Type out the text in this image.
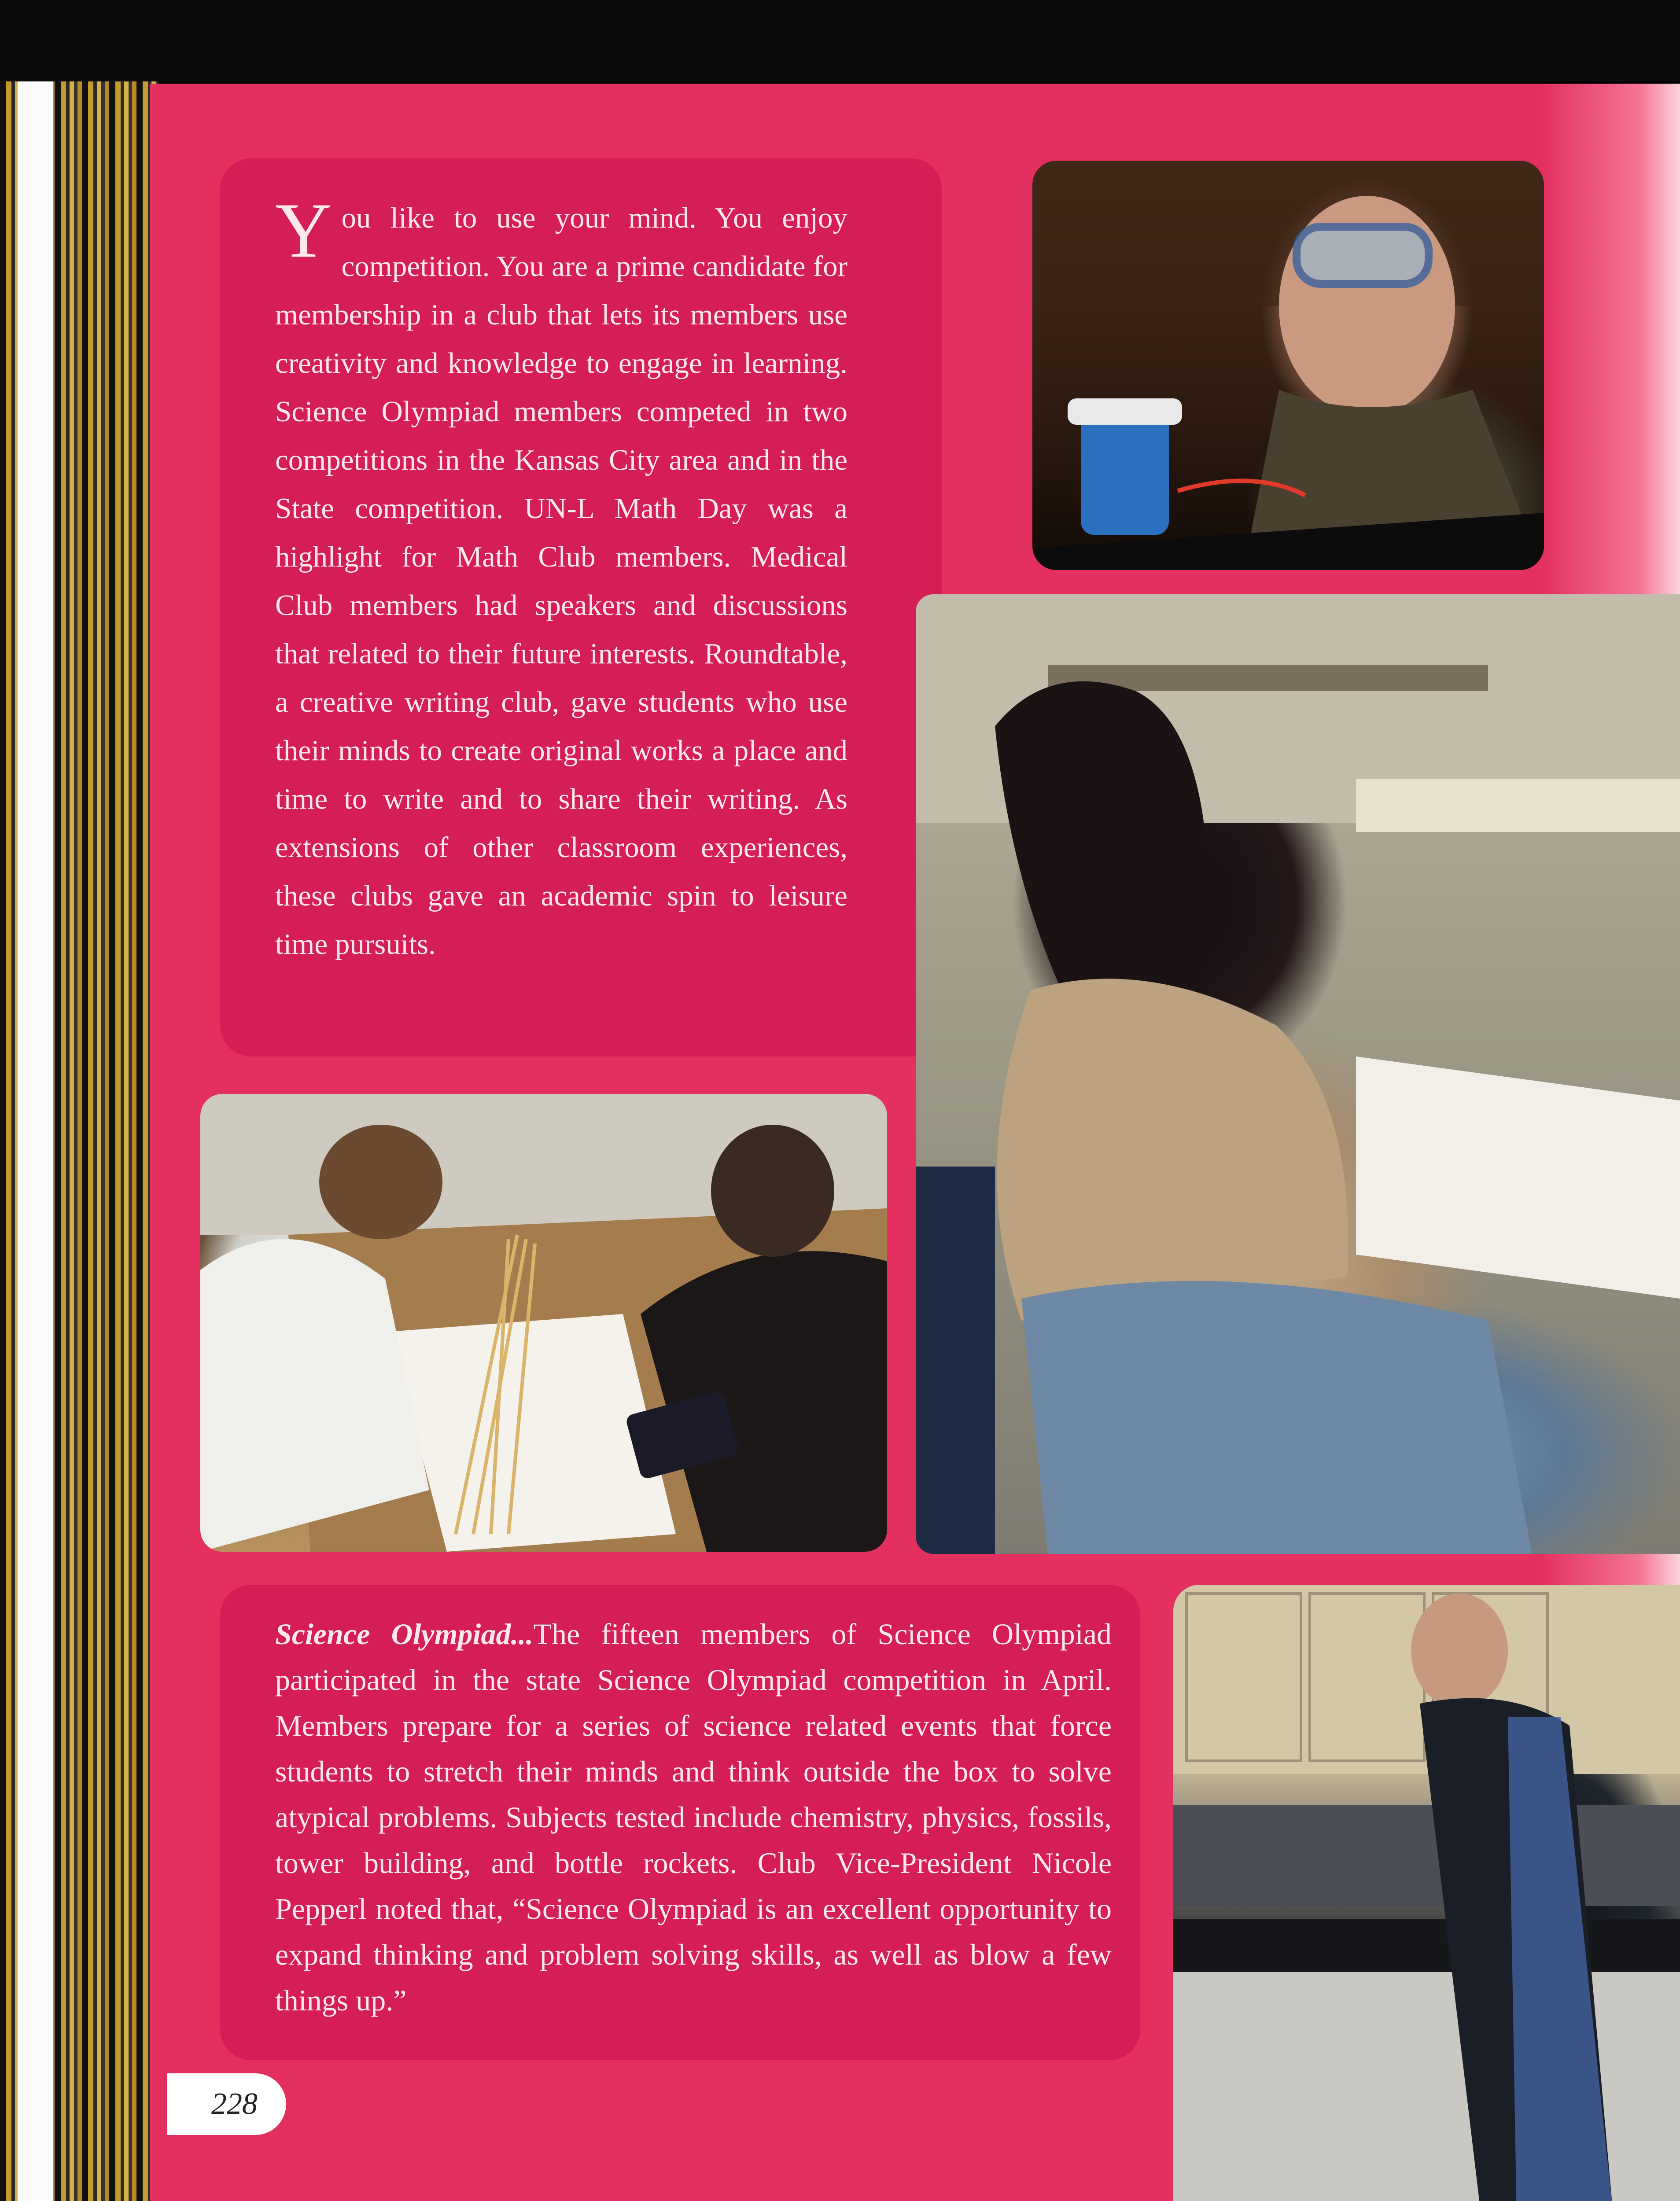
You like to use your mind. You enjoy competition. You are a prime candidate for membership in a club that lets its members use creativity and knowledge to engage in learning. Science Olympiad members competed in two competitions in the Kansas City area and in the State competition. UN-L Math Day was a highlight for Math Club members. Medical Club members had speakers and discussions that related to their future interests. Roundtable, a creative writing club, gave students who use their minds to create original works a place and time to write and to share their writing. As extensions of other classroom experiences, these clubs gave an academic spin to leisure time pursuits.
Science Olympiad...The fifteen members of Science Olympiad participated in the state Science Olympiad competition in April. Members prepare for a series of science related events that force students to stretch their minds and think outside the box to solve atypical problems. Subjects tested include chemistry, physics, fossils, tower building, and bottle rockets. Club Vice-President Nicole Pepperl noted that, “Science Olympiad is an excellent opportunity to expand thinking and problem solving skills, as well as blow a few things up.”
228
